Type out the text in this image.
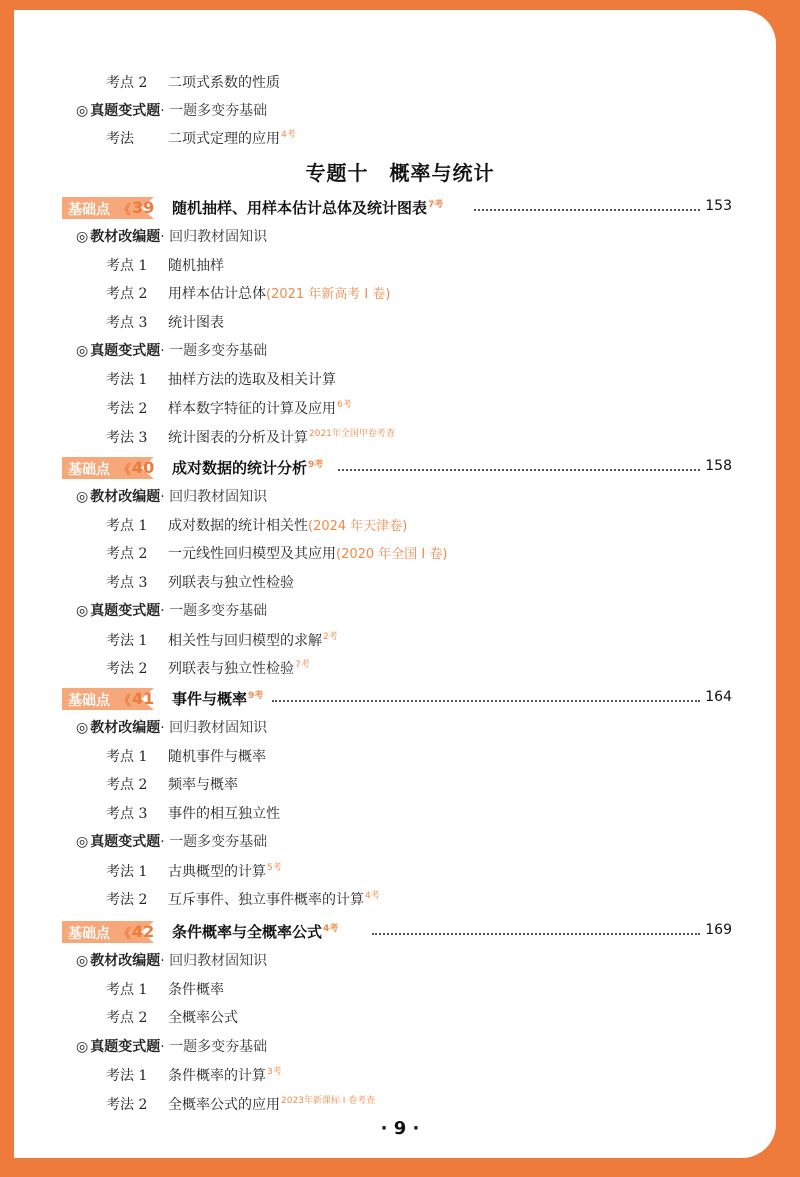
考点 2 二项式系数的性质
◎ 真题变式题· 一题多变夯基础
考法 二项式定理的应用$^{4考}$
专题十　概率与统计
基础点 《 39 随机抽样、用样本估计总体及统计图表$^{7考}$	153
◎ 教材改编题· 回归教材固知识
考点 1 随机抽样
考点 2 用样本估计总体(2021 年新高考 Ⅰ 卷)
考点 3 统计图表
◎ 真题变式题· 一题多变夯基础
考法 1 抽样方法的选取及相关计算
考法 2 样本数字特征的计算及应用$^{6考}$
考法 3 统计图表的分析及计算$^{2021年全国甲卷考查}$
基础点 《 40 成对数据的统计分析$^{9考}$	158
◎ 教材改编题· 回归教材固知识
考点 1 成对数据的统计相关性(2024 年天津卷)
考点 2 一元线性回归模型及其应用(2020 年全国 Ⅰ 卷)
考点 3 列联表与独立性检验
◎ 真题变式题· 一题多变夯基础
考法 1 相关性与回归模型的求解$^{2考}$
考法 2 列联表与独立性检验$^{7考}$
基础点 《 41 事件与概率$^{9考}$	164
◎ 教材改编题· 回归教材固知识
考点 1 随机事件与概率
考点 2 频率与概率
考点 3 事件的相互独立性
◎ 真题变式题· 一题多变夯基础
考法 1 古典概型的计算$^{5考}$
考法 2 互斥事件、独立事件概率的计算$^{4考}$
基础点 《 42 条件概率与全概率公式$^{4考}$	169
◎ 教材改编题· 回归教材固知识
考点 1 条件概率
考点 2 全概率公式
◎ 真题变式题· 一题多变夯基础
考法 1 条件概率的计算$^{3考}$
考法 2 全概率公式的应用$^{2023年新课标 Ⅰ 卷考查}$
· 9 ·
